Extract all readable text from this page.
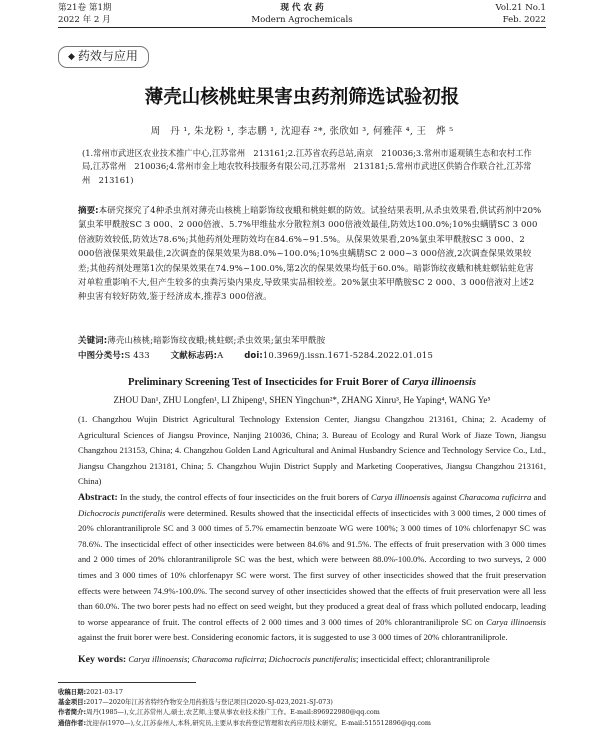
第21卷 第1期	现 代 农 药	Vol.21 No.1
2022 年 2 月	Modern Agrochemicals	Feb. 2022
◆ 药效与应用
薄壳山核桃蛀果害虫药剂筛选试验初报
周　丹 ¹, 朱龙粉 ¹, 李志鹏 ¹, 沈迎春 ²*, 张欣如 ³, 何雅萍 ⁴, 王　烨 ⁵
(1.常州市武进区农业技术推广中心,江苏常州　213161;2.江苏省农药总站,南京　210036;3.常州市遥观镇生态和农村工作局,江苏常州　210036;4.常州市金上地农牧科技服务有限公司,江苏常州　213181;5.常州市武进区供销合作联合社,江苏常州　213161)
摘要:本研究探究了4种杀虫剂对薄壳山核桃上暗影饰纹夜蛾和桃蛀螟的防效。试验结果表明,从杀虫效果看,供试药剂中20%氯虫苯甲酰胺SC 3 000、2 000倍液、5.7%甲维盐水分散粒剂3 000倍液效最佳,防效达100.0%;10%虫螨腈SC 3 000倍液防效较低,防效达78.6%;其他药剂处理防效均在84.6%~91.5%。从保果效果看,20%氯虫苯甲酰胺SC 3 000、2 000倍液保果效果最佳,2次调查的保果效果为88.0%~100.0%;10%虫螨腈SC 2 000~3 000倍液,2次调查保果效果较差;其他药剂处理第1次的保果效果在74.9%~100.0%,第2次的保果效果均低于60.0%。暗影饰纹夜蛾和桃蛀螟钻蛀危害对单粒重影响不大,但产生较多的虫粪污染内果皮,导致果实品相较差。20%氯虫苯甲酰胺SC 2 000、3 000倍液对上述2种虫害有较好防效,鉴于经济成本,推荐3 000倍液。
关键词:薄壳山核桃;暗影饰纹夜蛾;桃蛀螟;杀虫效果;氯虫苯甲酰胺
中图分类号:S 433 文献标志码:A doi:10.3969/j.issn.1671-5284.2022.01.015
Preliminary Screening Test of Insecticides for Fruit Borer of Carya illinoensis
ZHOU Dan¹, ZHU Longfen¹, LI Zhipeng¹, SHEN Yingchun²*, ZHANG Xinru³, He Yaping⁴, WANG Ye⁵
(1. Changzhou Wujin District Agricultural Technology Extension Center, Jiangsu Changzhou 213161, China; 2. Academy of Agricultural Sciences of Jiangsu Province, Nanjing 210036, China; 3. Bureau of Ecology and Rural Work of Jiaze Town, Jiangsu Changzhou 213153, China; 4. Changzhou Golden Land Agricultural and Animal Husbandry Science and Technology Service Co., Ltd., Jiangsu Changzhou 213181, China; 5. Changzhou Wujin District Supply and Marketing Cooperatives, Jiangsu Changzhou 213161, China)
Abstract: In the study, the control effects of four insecticides on the fruit borers of Carya illinoensis against Characoma ruficirra and Dichocrocis punctiferalis were determined. Results showed that the insecticidal effects of insecticides with 3 000 times, 2 000 times of 20% chlorantraniliprole SC and 3 000 times of 5.7% emamectin benzoate WG were 100%; 3 000 times of 10% chlorfenapyr SC was 78.6%. The insecticidal effect of other insecticides were between 84.6% and 91.5%. The effects of fruit preservation with 3 000 times and 2 000 times of 20% chlorantraniliprole SC was the best, which were between 88.0%-100.0%. According to two surveys, 2 000 times and 3 000 times of 10% chlorfenapyr SC were worst. The first survey of other insecticides showed that the fruit preservation effects were between 74.9%-100.0%. The second survey of other insecticides showed that the effects of fruit preservation were all less than 60.0%. The two borer pests had no effect on seed weight, but they produced a great deal of frass which polluted endocarp, leading to worse appearance of fruit. The control effects of 2 000 times and 3 000 times of 20% chlorantraniliprole SC on Carya illinoensis against the fruit borer were best. Considering economic factors, it is suggested to use 3 000 times of 20% chlorantraniliprole.
Key words: Carya illinoensis; Characoma ruficirra; Dichocrocis punctiferalis; insecticidal effect; chlorantraniliprole
收稿日期:2021-03-17
基金项目:2017—2020年江苏省特经作物安全用药推选与登记项目(2020-SJ-023,2021-SJ-073)
作者简介:周丹(1985—),女,江苏常州人,硕士,农艺师,主要从事农业技术推广工作。E-mail:896922980@qq.com
通信作者:沈迎春(1970—),女,江苏泰州人,本科,研究员,主要从事农药登记管理和农药应用技术研究。E-mail:515512896@qq.com
